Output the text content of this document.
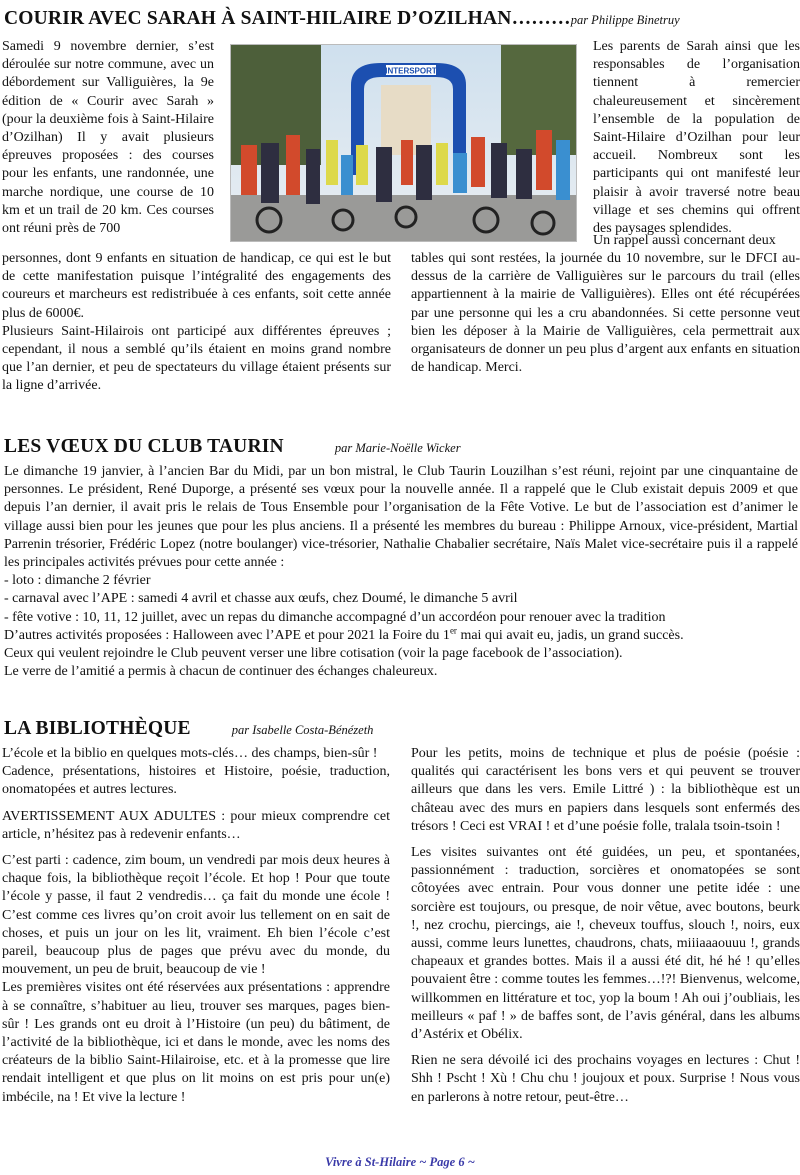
COURIR AVEC SARAH À SAINT-HILAIRE D’OZILHAN………par Philippe Binetruy

Samedi 9 novembre dernier, s’est déroulée sur notre commune, avec un débordement sur Valliguières, la 9e édition de « Courir avec Sarah » (pour la deuxième fois à Saint-Hilaire d’Ozilhan) Il y avait plusieurs épreuves proposées : des courses pour les enfants, une randonnée, une marche nordique, une course de 10 km et un trail de 20 km. Ces courses ont réuni près de 700

INTERSPORT

Les parents de Sarah ainsi que les responsables de l’organisation tiennent à remercier chaleureusement et sincèrement l’ensemble de la population de Saint-Hilaire d’Ozilhan pour leur accueil. Nombreux sont les participants qui ont manifesté leur plaisir à avoir traversé notre beau village et ses chemins qui offrent des paysages splendides.

Un rappel aussi concernant deux

personnes, dont 9 enfants en situation de handicap, ce qui est le but de cette manifestation puisque l’intégralité des engagements des coureurs et marcheurs est redistribuée à ces enfants, soit cette année plus de 6000€.

Plusieurs Saint-Hilairois ont participé aux différentes épreuves ; cependant, il nous a semblé qu’ils étaient en moins grand nombre que l’an dernier, et peu de spectateurs du village étaient présents sur la ligne d’arrivée.

tables qui sont restées, la journée du 10 novembre, sur le DFCI au-dessus de la carrière de Valliguières sur le parcours du trail (elles appartiennent à la mairie de Valliguières). Elles ont été récupérées par une personne qui les a cru abandonnées. Si cette personne veut bien les déposer à la Mairie de Valliguières, cela permettrait aux organisateurs de donner un peu plus d’argent aux enfants en situation de handicap. Merci.

LES VŒUX DU CLUB TAURIN	par Marie-Noëlle Wicker

Le dimanche 19 janvier, à l’ancien Bar du Midi, par un bon mistral, le Club Taurin Louzilhan s’est réuni, rejoint par une cinquantaine de personnes. Le président, René Duporge, a présenté ses vœux pour la nouvelle année. Il a rappelé que le Club existait depuis 2009 et que depuis l’an dernier, il avait pris le relais de Tous Ensemble pour l’organisation de la Fête Votive. Le but de l’association est d’animer le village aussi bien pour les jeunes que pour les plus anciens. Il a présenté les membres du bureau : Philippe Arnoux, vice-président, Martial Parrenin trésorier, Frédéric Lopez (notre boulanger) vice-trésorier, Nathalie Chabalier secrétaire, Naïs Malet vice-secrétaire puis il a rappelé les principales activités prévues pour cette année :

- loto : dimanche 2 février
- carnaval avec l’APE : samedi 4 avril et chasse aux œufs, chez Doumé, le dimanche 5 avril
- fête votive : 10, 11, 12 juillet, avec un repas du dimanche accompagné d’un accordéon pour renouer avec la tradition
D’autres activités proposées : Halloween avec l’APE et pour 2021 la Foire du 1er mai qui avait eu, jadis, un grand succès.
Ceux qui veulent rejoindre le Club peuvent verser une libre cotisation (voir la page facebook de l’association).
Le verre de l’amitié a permis à chacun de continuer des échanges chaleureux.
LA BIBLIOTHÈQUE	par Isabelle Costa-Bénézeth

L’école et la biblio en quelques mots-clés… des champs, bien-sûr !

Cadence, présentations, histoires et Histoire, poésie, traduction, onomatopées et autres lectures.

AVERTISSEMENT AUX ADULTES : pour mieux comprendre cet article, n’hésitez pas à redevenir enfants…

C’est parti : cadence, zim boum, un vendredi par mois deux heures à chaque fois, la bibliothèque reçoit l’école. Et hop ! Pour que toute l’école y passe, il faut 2 vendredis… ça fait du monde une école ! C’est comme ces livres qu’on croit avoir lus tellement on en sait de choses, et puis un jour on les lit, vraiment. Eh bien l’école c’est pareil, beaucoup plus de pages que prévu avec du monde, du mouvement, un peu de bruit, beaucoup de vie !

Les premières visites ont été réservées aux présentations : apprendre à se connaître, s’habituer au lieu, trouver ses marques, pages bien-sûr ! Les grands ont eu droit à l’Histoire (un peu) du bâtiment, de l’activité de la bibliothèque, ici et dans le monde, avec les noms des créateurs de la biblio Saint-Hilairoise, etc. et à la promesse que lire rendait intelligent et que plus on lit moins on est pris pour un(e) imbécile, na ! Et vive la lecture !

Pour les petits, moins de technique et plus de poésie (poésie : qualités qui caractérisent les bons vers et qui peuvent se trouver ailleurs que dans les vers. Emile Littré ) : la bibliothèque est un château avec des murs en papiers dans lesquels sont enfermés des trésors ! Ceci est VRAI ! et d’une poésie folle, tralala tsoin-tsoin !

Les visites suivantes ont été guidées, un peu, et spontanées, passionnément : traduction, sorcières et onomatopées se sont côtoyées avec entrain. Pour vous donner une petite idée : une sorcière est toujours, ou presque, de noir vêtue, avec boutons, beurk !, nez crochu, piercings, aie !, cheveux touffus, slouch !, noirs, eux aussi, comme leurs lunettes, chaudrons, chats, miiiaaaouuu !, grands chapeaux et grandes bottes. Mais il a aussi été dit, hé hé ! qu’elles pouvaient être : comme toutes les femmes…!?! Bienvenus, welcome, willkommen en littérature et toc, yop la boum ! Ah oui j’oubliais, les meilleurs « paf ! » de baffes sont, de l’avis général, dans les albums d’Astérix et Obélix.

Rien ne sera dévoilé ici des prochains voyages en lectures : Chut ! Shh ! Pscht ! Xù ! Chu chu ! joujoux et poux. Surprise ! Nous vous en parlerons à notre retour, peut-être…

Vivre à St-Hilaire ~ Page 6 ~
